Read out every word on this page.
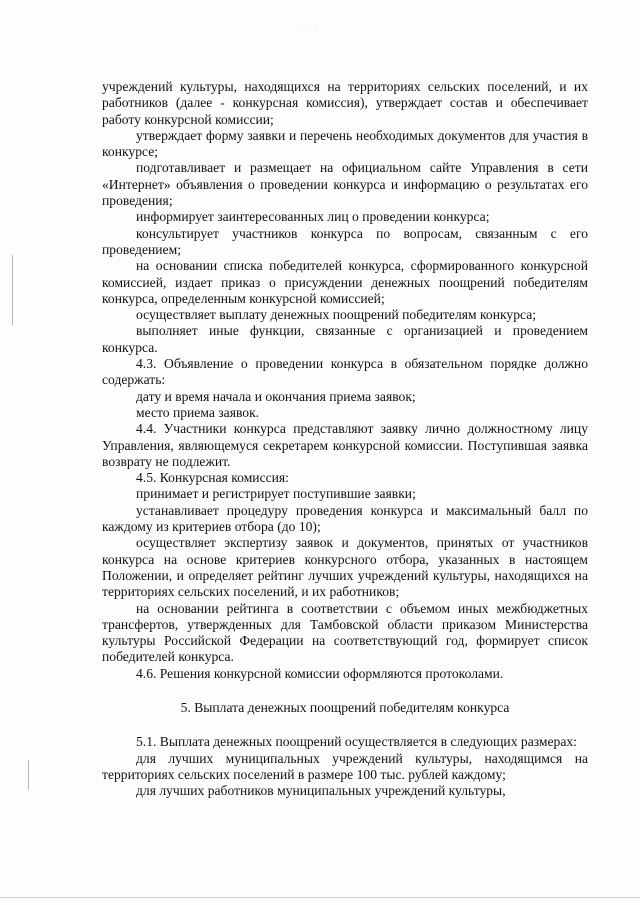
˙ ˙ ˙

учреждений культуры, находящихся на территориях сельских поселений, и их работников (далее - конкурсная комиссия), утверждает состав и обеспечивает работу конкурсной комиссии;

утверждает форму заявки и перечень необходимых документов для участия в конкурсе;

подготавливает и размещает на официальном сайте Управления в сети «Интернет» объявления о проведении конкурса и информацию о результатах его проведения;

информирует заинтересованных лиц о проведении конкурса;

консультирует участников конкурса по вопросам, связанным с его проведением;

на основании списка победителей конкурса, сформированного конкурсной комиссией, издает приказ о присуждении денежных поощрений победителям конкурса, определенным конкурсной комиссией;

осуществляет выплату денежных поощрений победителям конкурса;

выполняет иные функции, связанные с организацией и проведением конкурса.

4.3. Объявление о проведении конкурса в обязательном порядке должно содержать:

дату и время начала и окончания приема заявок;

место приема заявок.

4.4. Участники конкурса представляют заявку лично должностному лицу Управления, являющемуся секретарем конкурсной комиссии. Поступившая заявка возврату не подлежит.

4.5. Конкурсная комиссия:

принимает и регистрирует поступившие заявки;

устанавливает процедуру проведения конкурса и максимальный балл по каждому из критериев отбора (до 10);

осуществляет экспертизу заявок и документов, принятых от участников конкурса на основе критериев конкурсного отбора, указанных в настоящем Положении, и определяет рейтинг лучших учреждений культуры, находящихся на территориях сельских поселений, и их работников;

на основании рейтинга в соответствии с объемом иных межбюджетных трансфертов, утвержденных для Тамбовской области приказом Министерства культуры Российской Федерации на соответствующий год, формирует список победителей конкурса.

4.6. Решения конкурсной комиссии оформляются протоколами.

5. Выплата денежных поощрений победителям конкурса

5.1. Выплата денежных поощрений осуществляется в следующих размерах:

для лучших муниципальных учреждений культуры, находящимся на территориях сельских поселений в размере 100 тыс. рублей каждому;

для лучших работников муниципальных учреждений культуры,
